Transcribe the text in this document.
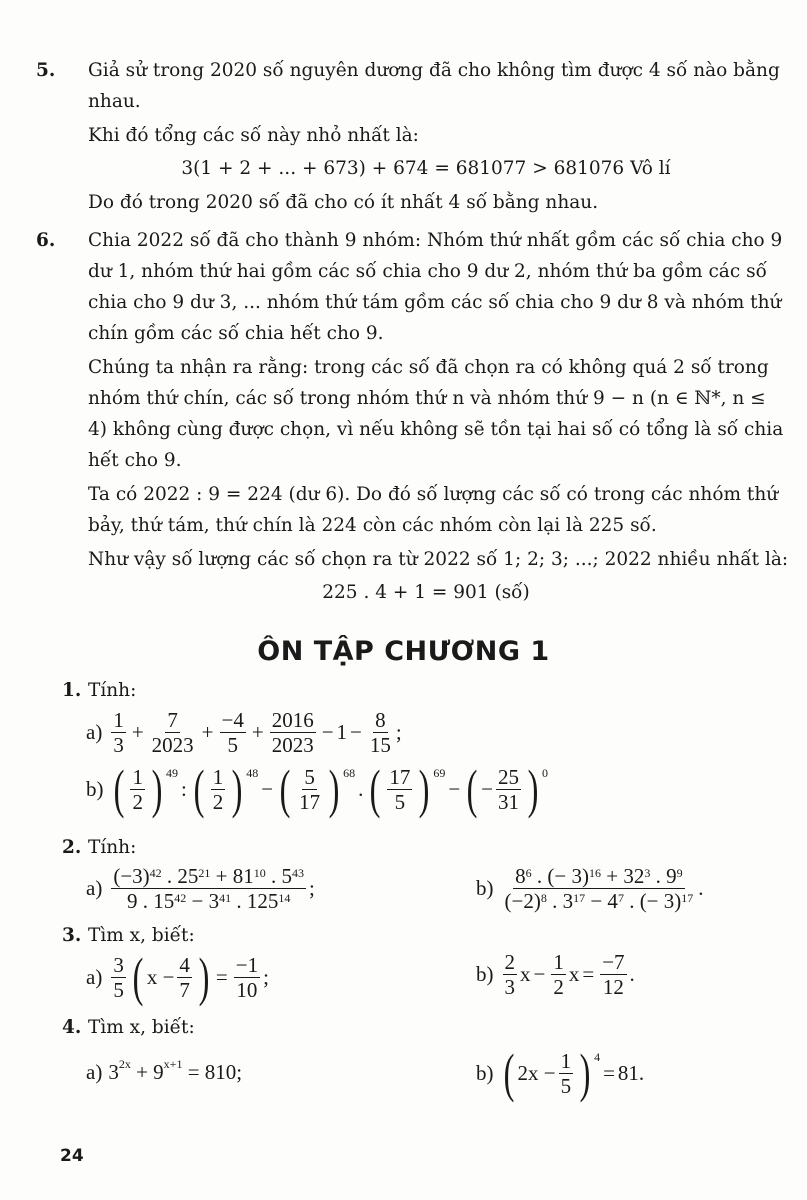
5. Giả sử trong 2020 số nguyên dương đã cho không tìm được 4 số nào bằng nhau.
Khi đó tổng các số này nhỏ nhất là:
3(1 + 2 + ... + 673) + 674 = 681077 > 681076 Vô lí
Do đó trong 2020 số đã cho có ít nhất 4 số bằng nhau.
6. Chia 2022 số đã cho thành 9 nhóm: Nhóm thứ nhất gồm các số chia cho 9 dư 1, nhóm thứ hai gồm các số chia cho 9 dư 2, nhóm thứ ba gồm các số chia cho 9 dư 3, ... nhóm thứ tám gồm các số chia cho 9 dư 8 và nhóm thứ chín gồm các số chia hết cho 9.
Chúng ta nhận ra rằng: trong các số đã chọn ra có không quá 2 số trong nhóm thứ chín, các số trong nhóm thứ n và nhóm thứ 9 − n (n ∈ ℕ*, n ≤ 4) không cùng được chọn, vì nếu không sẽ tồn tại hai số có tổng là số chia hết cho 9.
Ta có 2022 : 9 = 224 (dư 6). Do đó số lượng các số có trong các nhóm thứ bảy, thứ tám, thứ chín là 224 còn các nhóm còn lại là 225 số.
Như vậy số lượng các số chọn ra từ 2022 số 1; 2; 3; ...; 2022 nhiều nhất là:
225 . 4 + 1 = 901 (số)
ÔN TẬP CHƯƠNG 1
1. Tính:
$a) \frac{1}{3} + \frac{7}{2023} + \frac{-4}{5} + \frac{2016}{2023} - 1 - \frac{8}{15}$ ;
b) ( $\frac{1}{2}$ ) $^{49}$
: ( $\frac{1}{2}$ ) $^{48}$
− ( $\frac{5}{17}$ ) $^{68}$
. ( $\frac{17}{5}$ ) $^{69}$
− ( − $\frac{25}{31}$ ) $^0$
2. Tính:
$a) \frac{(-3)^{42} . 25^{21} + 81^{10} . 5^{43}}{9 . 15^{42} - 3^{41} . 125^{14}}$ ;	$b) \frac{8^6 . (- 3)^{16} + 32^3 . 9^9}{(-2)^8 . 3^{17} - 4^7 . (- 3)^{17}}$ .
3. Tìm x, biết:
$a) \frac{3}{5}$ ( $x - \frac{4}{7}$ ) = $\frac{-1}{10}$ ;	$b) \frac{2}{3}$ $x - \frac{1}{2}$ $x = \frac{-7}{12}$ .
4. Tìm x, biết:
a) $3^{2x} + 9^{x+1} = 810$;	b) ( $2x - \frac{1}{5}$ ) $^4$
= 81.
24
